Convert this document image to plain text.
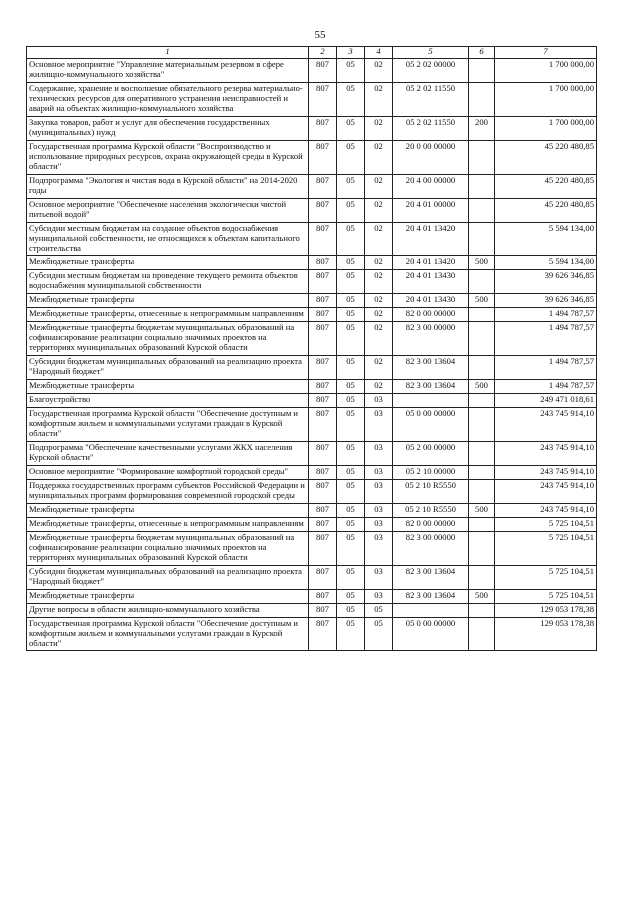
55
1	2	3	4	5	6	7
Основное мероприятие "Управление материальным резервом в сфере жилищно-коммунального хозяйства"	807	05	02	05 2 02 00000		1 700 000,00
Содержание, хранение и восполнение обязательного резерва материально-технических ресурсов для оперативного устранения неисправностей и аварий на объектах жилищно-коммунального хозяйства	807	05	02	05 2 02 11550		1 700 000,00
Закупка товаров, работ и услуг для обеспечения государственных (муниципальных) нужд	807	05	02	05 2 02 11550	200	1 700 000,00
Государственная программа Курской области "Воспроизводство и использование природных ресурсов, охрана окружающей среды в Курской области"	807	05	02	20 0 00 00000		45 220 480,85
Подпрограмма "Экология и чистая вода в Курской области" на 2014-2020 годы	807	05	02	20 4 00 00000		45 220 480,85
Основное мероприятие "Обеспечение населения экологически чистой питьевой водой"	807	05	02	20 4 01 00000		45 220 480,85
Субсидии местным бюджетам на создание объектов водоснабжения муниципальной собственности, не относящихся к объектам капитального строительства	807	05	02	20 4 01 13420		5 594 134,00
Межбюджетные трансферты	807	05	02	20 4 01 13420	500	5 594 134,00
Субсидии местным бюджетам на проведение текущего ремонта объектов водоснабжения муниципальной собственности	807	05	02	20 4 01 13430		39 626 346,85
Межбюджетные трансферты	807	05	02	20 4 01 13430	500	39 626 346,85
Межбюджетные трансферты, отнесенные к непрограммным направлениям	807	05	02	82 0 00 00000		1 494 787,57
Межбюджетные трансферты бюджетам муниципальных образований на софинансирование реализации социально значимых проектов на территориях муниципальных образований Курской области	807	05	02	82 3 00 00000		1 494 787,57
Субсидии бюджетам муниципальных образований на реализацию проекта "Народный бюджет"	807	05	02	82 3 00 13604		1 494 787,57
Межбюджетные трансферты	807	05	02	82 3 00 13604	500	1 494 787,57
Благоустройство	807	05	03			249 471 018,61
Государственная программа Курской области "Обеспечение доступным и комфортным жильем и коммунальными услугами граждан в Курской области"	807	05	03	05 0 00 00000		243 745 914,10
Подпрограмма "Обеспечение качественными услугами ЖКХ населения Курской области"	807	05	03	05 2 00 00000		243 745 914,10
Основное мероприятие "Формирование комфортной городской среды"	807	05	03	05 2 10 00000		243 745 914,10
Поддержка государственных программ субъектов Российской Федерации и муниципальных программ формирования современной городской среды	807	05	03	05 2 10 R5550		243 745 914,10
Межбюджетные трансферты	807	05	03	05 2 10 R5550	500	243 745 914,10
Межбюджетные трансферты, отнесенные к непрограммным направлениям	807	05	03	82 0 00 00000		5 725 104,51
Межбюджетные трансферты бюджетам муниципальных образований на софинансирование реализации социально значимых проектов на территориях муниципальных образований Курской области	807	05	03	82 3 00 00000		5 725 104,51
Субсидии бюджетам муниципальных образований на реализацию проекта "Народный бюджет"	807	05	03	82 3 00 13604		5 725 104,51
Межбюджетные трансферты	807	05	03	82 3 00 13604	500	5 725 104,51
Другие вопросы в области жилищно-коммунального хозяйства	807	05	05			129 053 178,38
Государственная программа Курской области "Обеспечение доступным и комфортным жильем и коммунальными услугами граждан в Курской области"	807	05	05	05 0 00 00000		129 053 178,38
